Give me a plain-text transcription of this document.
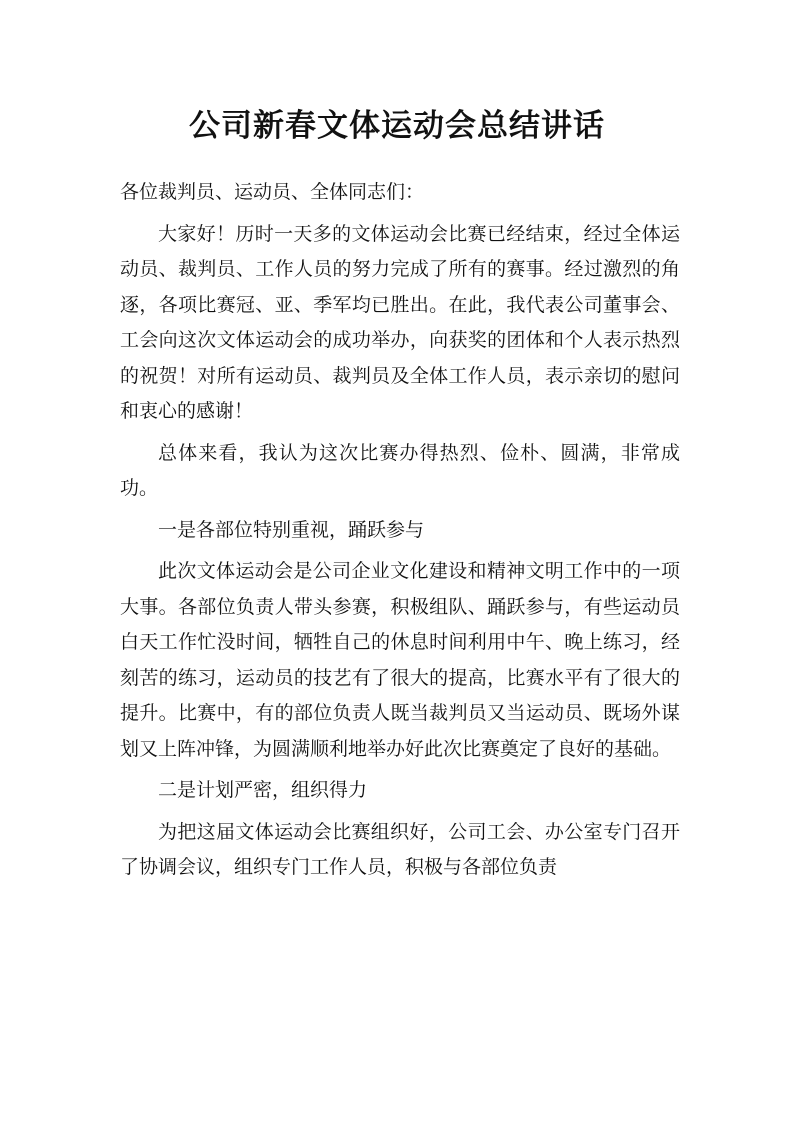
公司新春文体运动会总结讲话

各位裁判员、运动员、全体同志们：

大家好！历时一天多的文体运动会比赛已经结束，经过全体运动员、裁判员、工作人员的努力完成了所有的赛事。经过激烈的角逐，各项比赛冠、亚、季军均已胜出。在此，我代表公司董事会、工会向这次文体运动会的成功举办，向获奖的团体和个人表示热烈的祝贺！对所有运动员、裁判员及全体工作人员，表示亲切的慰问和衷心的感谢！

总体来看，我认为这次比赛办得热烈、俭朴、圆满，非常成功。

一是各部位特别重视，踊跃参与

此次文体运动会是公司企业文化建设和精神文明工作中的一项大事。各部位负责人带头参赛，积极组队、踊跃参与，有些运动员白天工作忙没时间，牺牲自己的休息时间利用中午、晚上练习，经刻苦的练习，运动员的技艺有了很大的提高，比赛水平有了很大的提升。比赛中，有的部位负责人既当裁判员又当运动员、既场外谋划又上阵冲锋，为圆满顺利地举办好此次比赛奠定了良好的基础。

二是计划严密，组织得力

为把这届文体运动会比赛组织好，公司工会、办公室专门召开了协调会议，组织专门工作人员，积极与各部位负责
